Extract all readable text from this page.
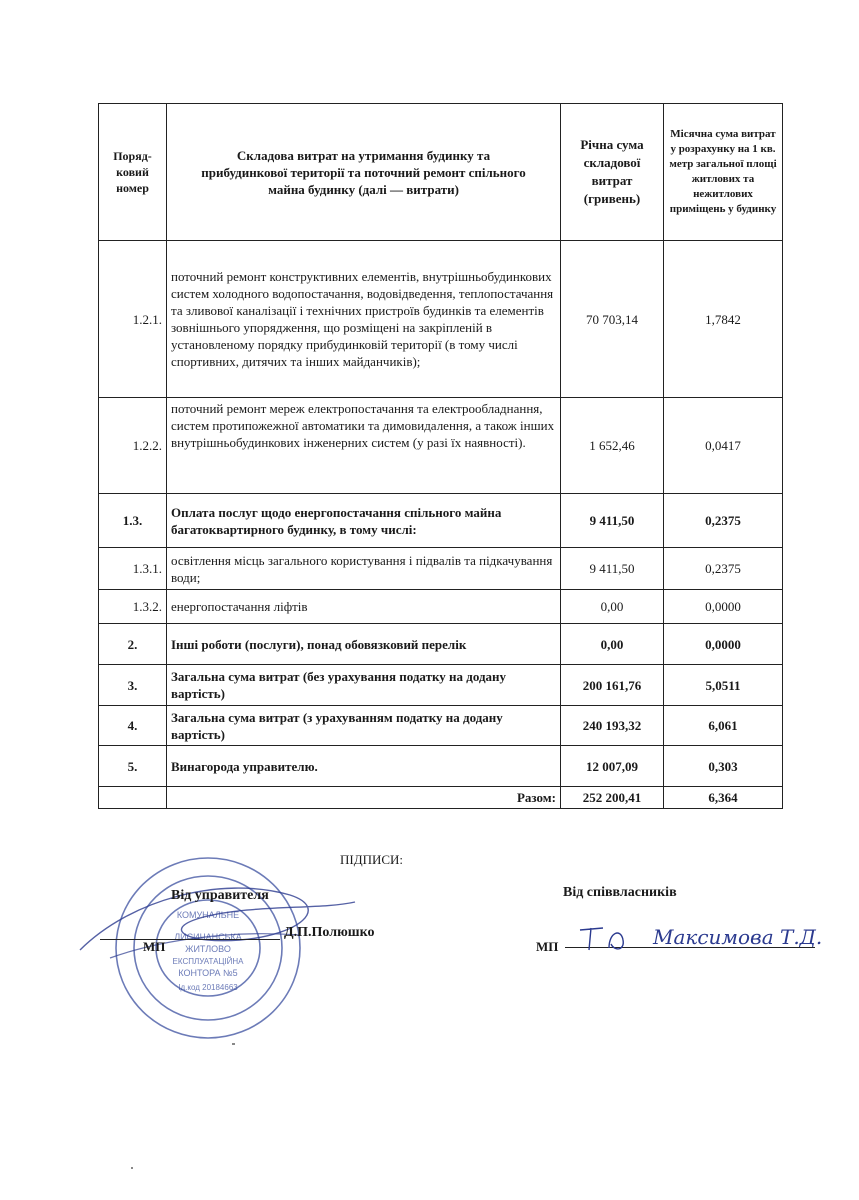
Поряд-
ковий
номер	Складова витрат на утримання будинку та прибудинкової території та поточний ремонт спільного майна будинку (далі — витрати)	Річна сума складової витрат (гривень)	Місячна сума витрат у розрахунку на 1 кв. метр загальної площі житлових та нежитлових приміщень у будинку
1.2.1.	поточний ремонт конструктивних елементів, внутрішньобудинкових систем холодного водопостачання, водовідведення, теплопостачання та зливової каналізації і технічних пристроїв будинків та елементів зовнішнього упорядження, що розміщені на закріпленій в установленому порядку прибудинковій території (в тому числі спортивних, дитячих та інших майданчиків);	70 703,14	1,7842
1.2.2.	поточний ремонт мереж електропостачання та електрообладнання, систем протипожежної автоматики та димовидалення, а також інших внутрішньобудинкових інженерних систем (у разі їх наявності).	1 652,46	0,0417
1.3.	Оплата послуг щодо енергопостачання спільного майна багатоквартирного будинку, в тому числі:	9 411,50	0,2375
1.3.1.	освітлення місць загального користування і підвалів та підкачування води;	9 411,50	0,2375
1.3.2.	енергопостачання ліфтів	0,00	0,0000
2.	Інші роботи (послуги), понад обовязковий перелік	0,00	0,0000
3.	Загальна сума витрат (без урахування податку на додану вартість)	200 161,76	5,0511
4.	Загальна сума витрат (з урахуванням податку на додану вартість)	240 193,32	6,061
5.	Винагорода управителю.	12 007,09	0,303
	Разом:	252 200,41	6,364
КОМУНАЛЬНЕ
ЛИСИЧАНСЬКА
ЖИТЛОВО
ЕКСПЛУАТАЦІЙНА
КОНТОРА №5
Ід.код 20184663
ПІДПИСИ:
Від управителя	Від співвласників
Д.П.Полюшко
МП	МП	Максимова Т.Д.
